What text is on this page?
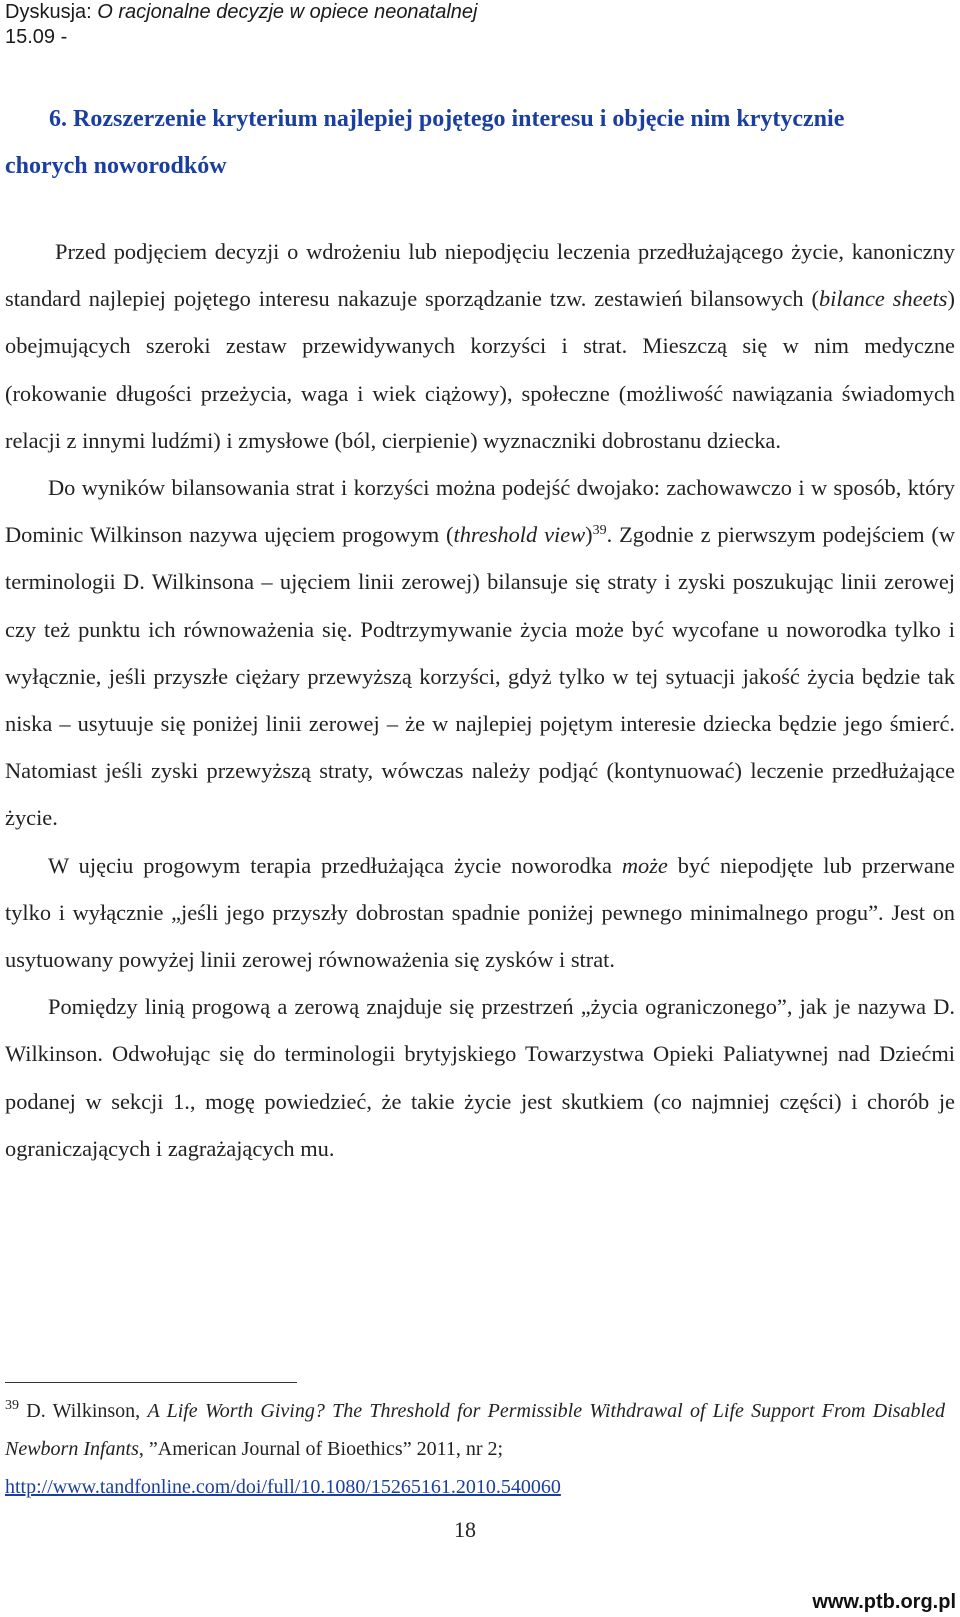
Dyskusja: O racjonalne decyzje w opiece neonatalnej
15.09 -
6. Rozszerzenie kryterium najlepiej pojętego interesu i objęcie nim krytycznie
chorych noworodków

Przed podjęciem decyzji o wdrożeniu lub niepodjęciu leczenia przedłużającego życie, kanoniczny standard najlepiej pojętego interesu nakazuje sporządzanie tzw. zestawień bilansowych (bilance sheets) obejmujących szeroki zestaw przewidywanych korzyści i strat. Mieszczą się w nim medyczne (rokowanie długości przeżycia, waga i wiek ciążowy), społeczne (możliwość nawiązania świadomych relacji z innymi ludźmi) i zmysłowe (ból, cierpienie) wyznaczniki dobrostanu dziecka.

Do wyników bilansowania strat i korzyści można podejść dwojako: zachowawczo i w sposób, który Dominic Wilkinson nazywa ujęciem progowym (threshold view)$^{39}$. Zgodnie z pierwszym podejściem (w terminologii D. Wilkinsona – ujęciem linii zerowej) bilansuje się straty i zyski poszukując linii zerowej czy też punktu ich równoważenia się. Podtrzymywanie życia może być wycofane u noworodka tylko i wyłącznie, jeśli przyszłe ciężary przewyższą korzyści, gdyż tylko w tej sytuacji jakość życia będzie tak niska – usytuuje się poniżej linii zerowej – że w najlepiej pojętym interesie dziecka będzie jego śmierć. Natomiast jeśli zyski przewyższą straty, wówczas należy podjąć (kontynuować) leczenie przedłużające życie.

W ujęciu progowym terapia przedłużająca życie noworodka może być niepodjęte lub przerwane tylko i wyłącznie „jeśli jego przyszły dobrostan spadnie poniżej pewnego minimalnego progu”. Jest on usytuowany powyżej linii zerowej równoważenia się zysków i strat.

Pomiędzy linią progową a zerową znajduje się przestrzeń „życia ograniczonego”, jak je nazywa D. Wilkinson. Odwołując się do terminologii brytyjskiego Towarzystwa Opieki Paliatywnej nad Dziećmi podanej w sekcji 1., mogę powiedzieć, że takie życie jest skutkiem (co najmniej części) i chorób je ograniczających i zagrażających mu.

$^{39}$ D. Wilkinson, A Life Worth Giving? The Threshold for Permissible Withdrawal of Life Support From Disabled Newborn Infants, ”American Journal of Bioethics” 2011, nr 2;
http://www.tandfonline.com/doi/full/10.1080/15265161.2010.540060
18
www.ptb.org.pl
